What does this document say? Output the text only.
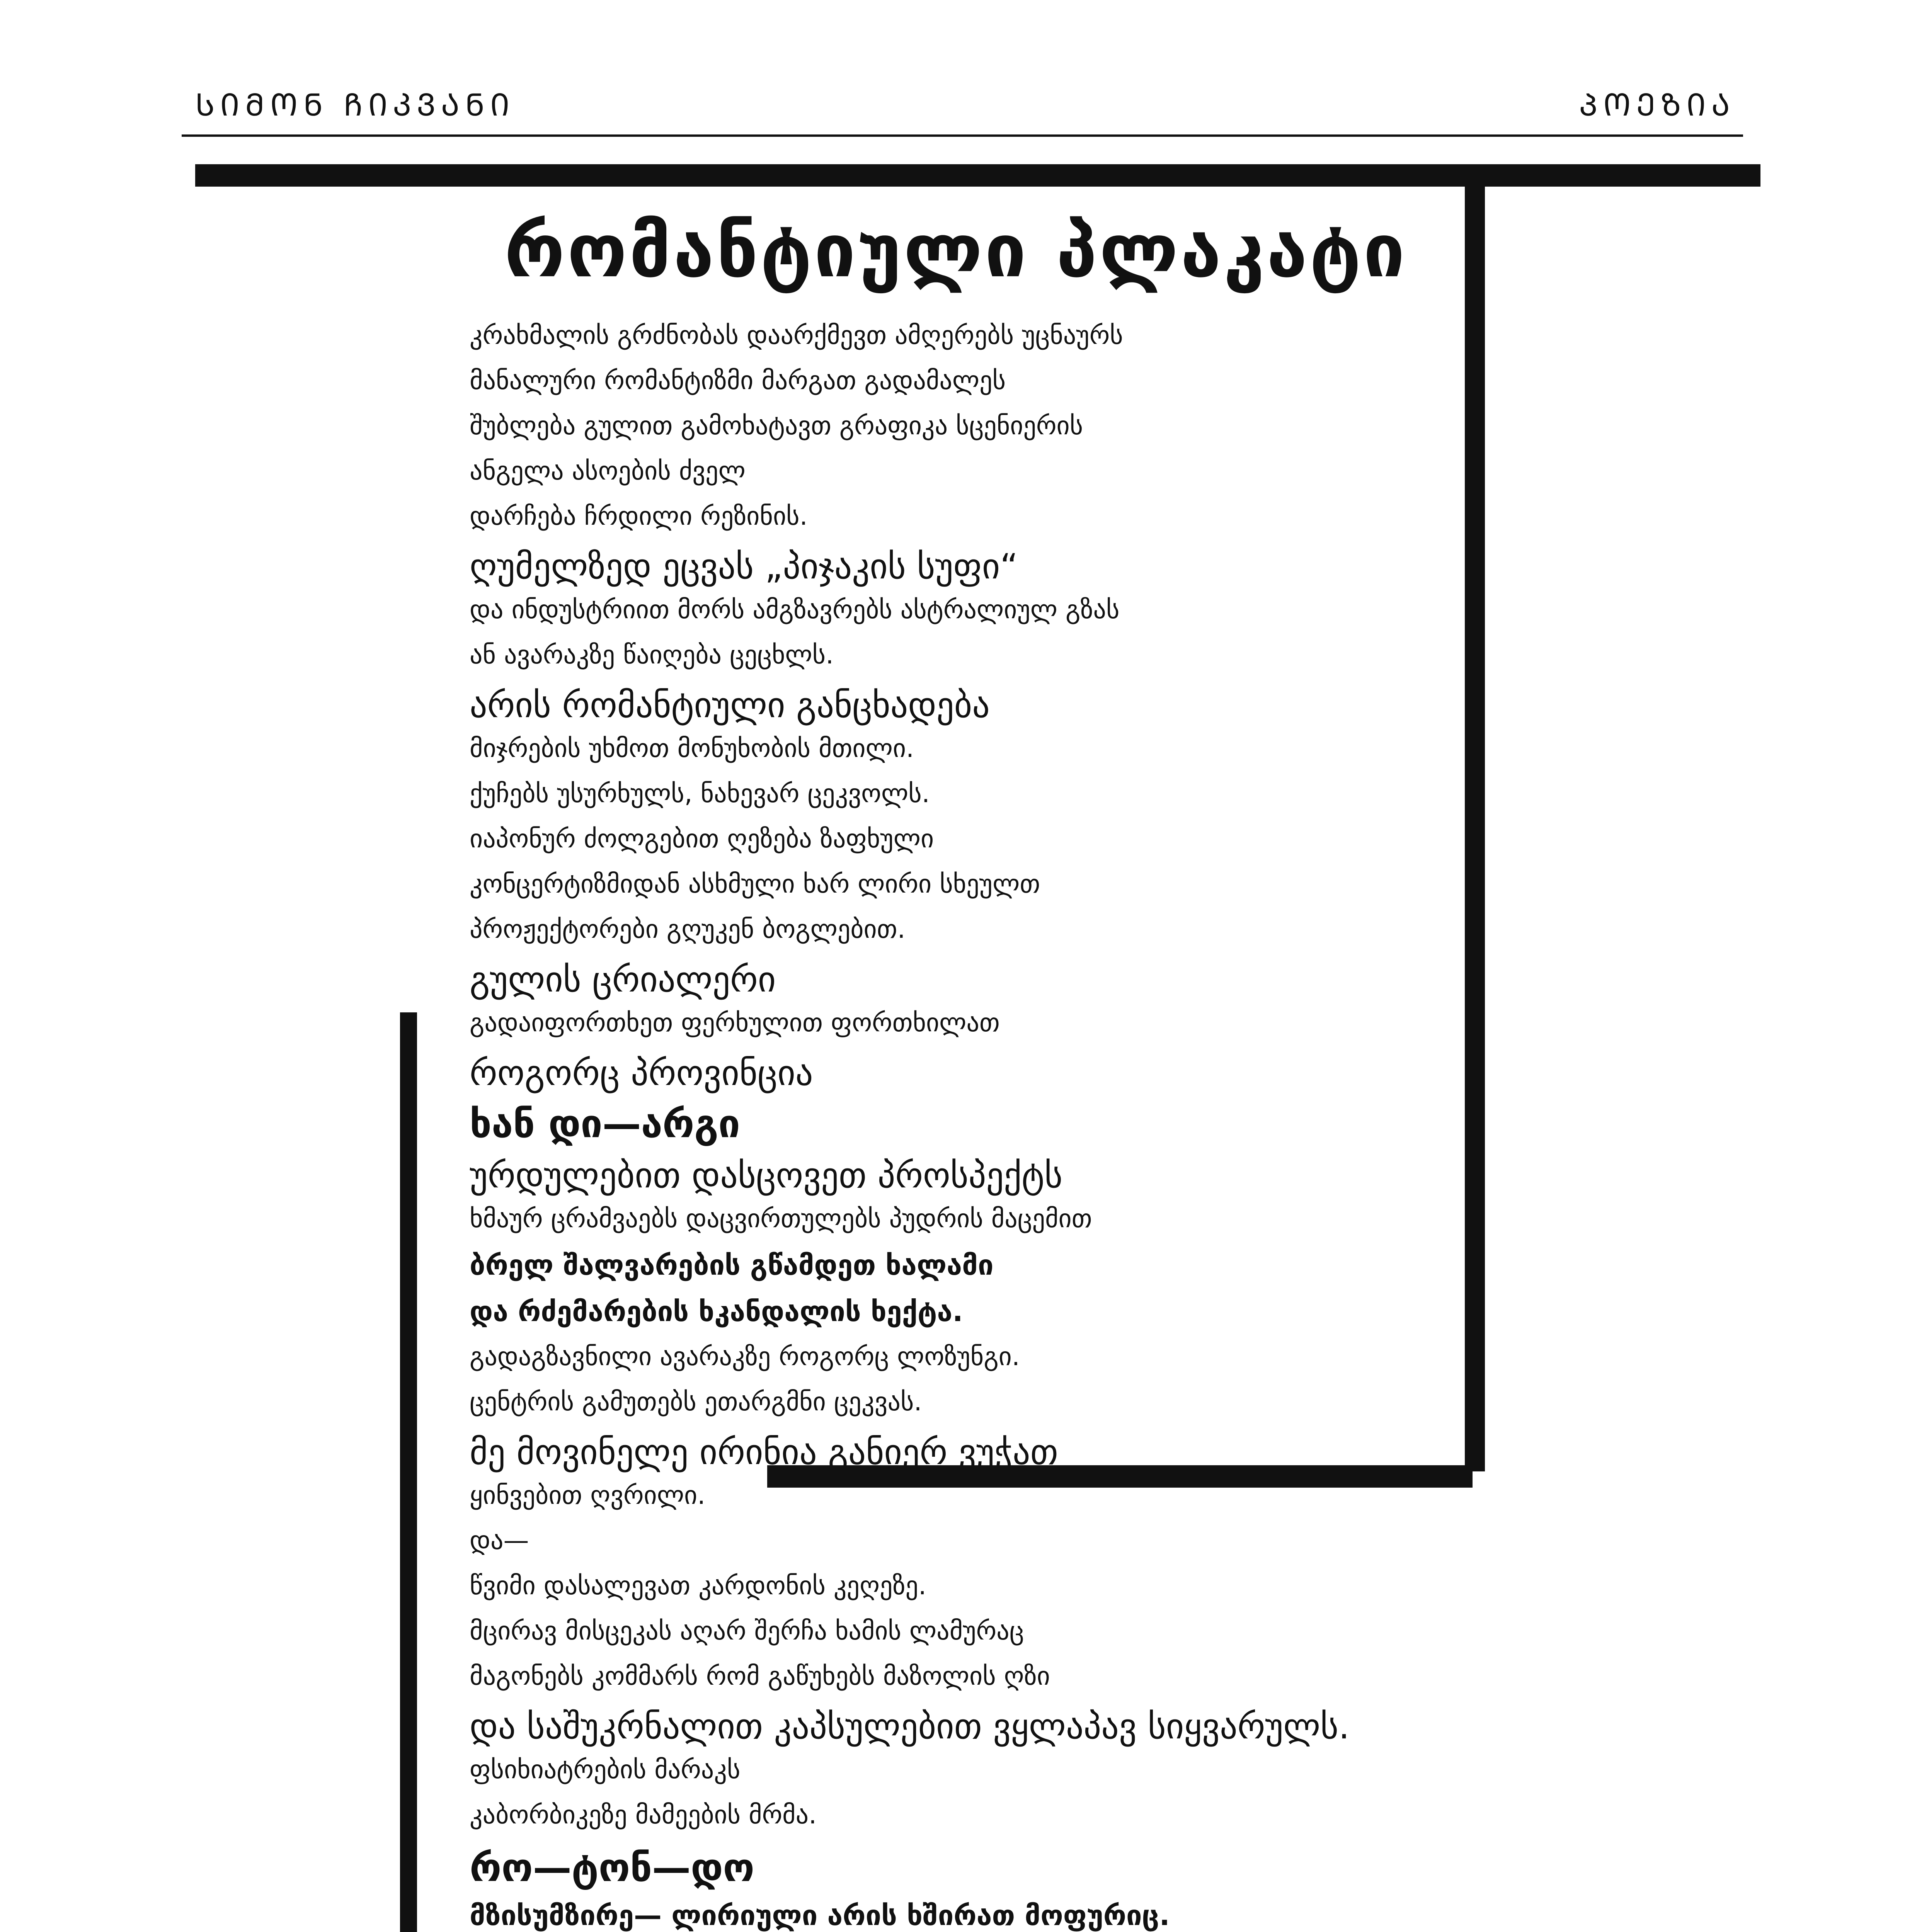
ᲡᲘᲛᲝᲜ ᲩᲘᲙᲕᲐᲜᲘ	ᲞᲝᲔᲖᲘᲐ
რომანტიული პლაკატი
კრახმალის გრძნობას დაარქმევთ ამღერებს უცნაურს
მანალური რომანტიზმი მარგათ გადამალეს
შუბლება გულით გამოხატავთ გრაფიკა სცენიერის
ანგელა ასოების ძველ
დარჩება ჩრდილი რეზინის.
ღუმელზედ ეცვას „პიჯაკის სუფი“
და ინდუსტრიით მორს ამგზავრებს ასტრალიულ გზას
ან ავარაკზე წაიღება ცეცხლს.
არის რომანტიული განცხადება
მიჯრების უხმოთ მონუხობის მთილი.
ქუჩებს უსურხულს, ნახევარ ცეკვოლს.
იაპონურ ძოლგებით ღეზება ზაფხული
კონცერტიზმიდან ასხმული ხარ ლირი სხეულთ
პროჟექტორები გღუკენ ბოგლებით.
გულის ცრიალერი
გადაიფორთხეთ ფერხულით ფორთხილათ
როგორც პროვინცია
ხან დი—არგი
ურდულებით დასცოვეთ პროსპექტს
ხმაურ ცრამვაებს დაცვირთულებს პუდრის მაცემით
ბრელ შალვარების გწამდეთ ხალამი
და რძემარების ხკანდალის ხექტა.
გადაგზავნილი ავარაკზე როგორც ლოზუნგი.
ცენტრის გამუთებს ეთარგმნი ცეკვას.
მე მოვინელე ირინია განიერ ვუჭათ
ყინვებით ღვრილი.
და—
წვიმი დასალევათ კარდონის კეღეზე.
მცირავ მისცეკას აღარ შერჩა ხამის ლამურაც
მაგონებს კომმარს რომ გაწუხებს მაზოლის ღზი
და საშუკრნალით კაპსულებით ვყლაპავ სიყვარულს.
ფსიხიატრების მარაკს
კაბორბიკეზე მამეების მრმა.
რო—ტონ—დო
მზისუმზირე— ლირიული არის ხშირათ მოფურიც.
